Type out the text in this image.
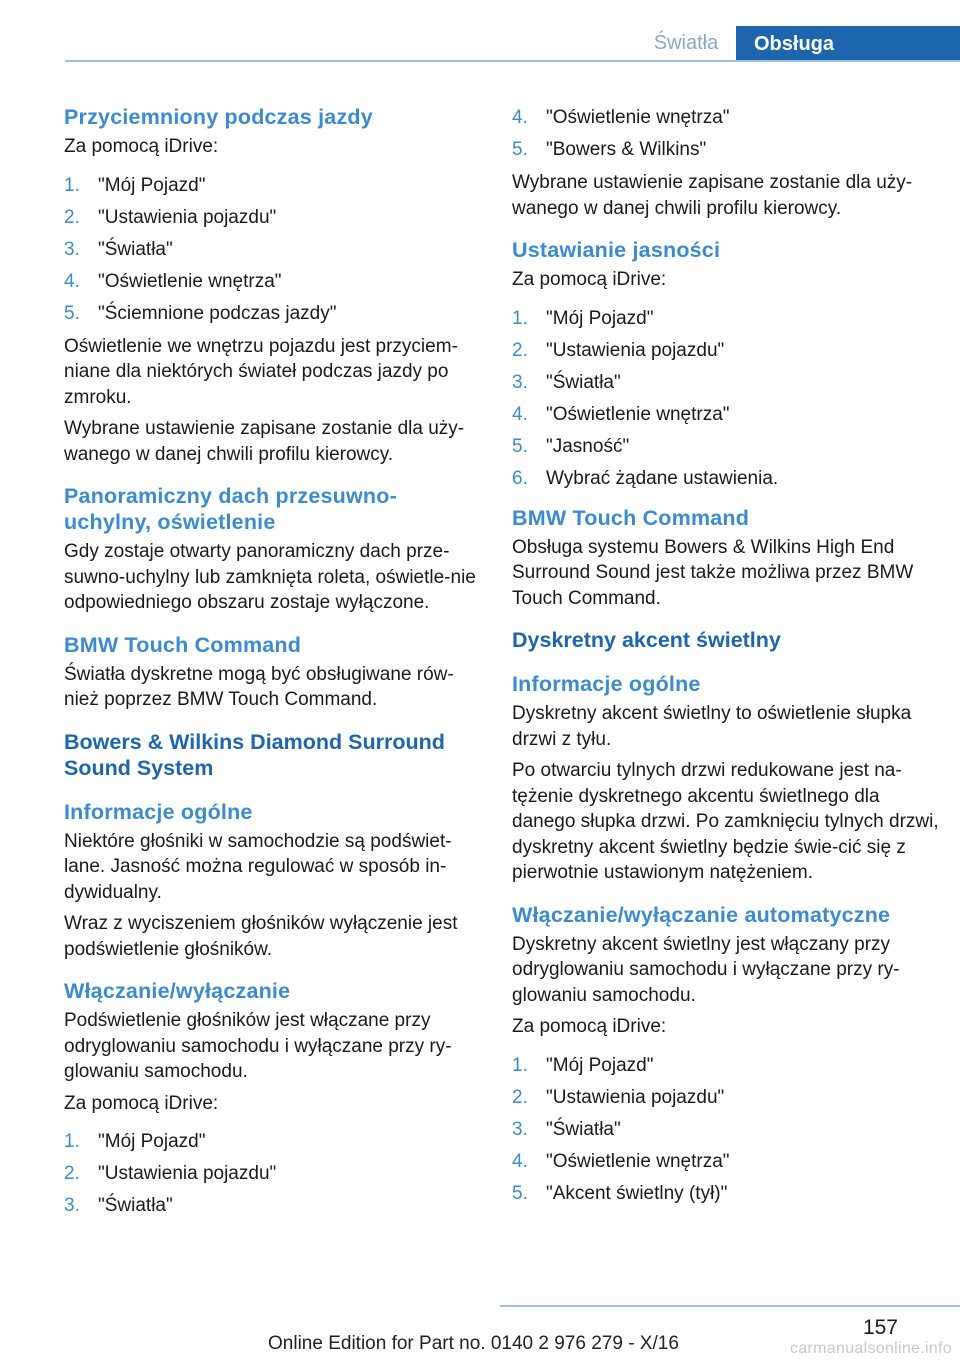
Światła	Obsługa
Przyciemniony podczas jazdy
Za pomocą iDrive:
1. "Mój Pojazd"
2. "Ustawienia pojazdu"
3. "Światła"
4. "Oświetlenie wnętrza"
5. "Ściemnione podczas jazdy"
Oświetlenie we wnętrzu pojazdu jest przyciem‐niane dla niektórych świateł podczas jazdy po zmroku.
Wybrane ustawienie zapisane zostanie dla uży‐wanego w danej chwili profilu kierowcy.
Panoramiczny dach przesuwno-uchylny, oświetlenie
Gdy zostaje otwarty panoramiczny dach prze‐suwno-uchylny lub zamknięta roleta, oświetle‐nie odpowiedniego obszaru zostaje wyłączone.
BMW Touch Command
Światła dyskretne mogą być obsługiwane rów‐nież poprzez BMW Touch Command.
Bowers & Wilkins Diamond Surround Sound System
Informacje ogólne
Niektóre głośniki w samochodzie są podświet‐lane. Jasność można regulować w sposób in‐dywidualny.
Wraz z wyciszeniem głośników wyłączenie jest podświetlenie głośników.
Włączanie/wyłączanie
Podświetlenie głośników jest włączane przy odryglowaniu samochodu i wyłączane przy ry‐glowaniu samochodu.
Za pomocą iDrive:
1. "Mój Pojazd"
2. "Ustawienia pojazdu"
3. "Światła"
4. "Oświetlenie wnętrza"
5. "Bowers & Wilkins"
Wybrane ustawienie zapisane zostanie dla uży‐wanego w danej chwili profilu kierowcy.
Ustawianie jasności
Za pomocą iDrive:
1. "Mój Pojazd"
2. "Ustawienia pojazdu"
3. "Światła"
4. "Oświetlenie wnętrza"
5. "Jasność"
6. Wybrać żądane ustawienia.
BMW Touch Command
Obsługa systemu Bowers & Wilkins High End Surround Sound jest także możliwa przez BMW Touch Command.
Dyskretny akcent świetlny
Informacje ogólne
Dyskretny akcent świetlny to oświetlenie słupka drzwi z tyłu.
Po otwarciu tylnych drzwi redukowane jest na‐tężenie dyskretnego akcentu świetlnego dla danego słupka drzwi. Po zamknięciu tylnych drzwi, dyskretny akcent świetlny będzie świe‐cić się z pierwotnie ustawionym natężeniem.
Włączanie/wyłączanie automatyczne
Dyskretny akcent świetlny jest włączany przy odryglowaniu samochodu i wyłączane przy ry‐glowaniu samochodu.
Za pomocą iDrive:
1. "Mój Pojazd"
2. "Ustawienia pojazdu"
3. "Światła"
4. "Oświetlenie wnętrza"
5. "Akcent świetlny (tył)"
157
Online Edition for Part no. 0140 2 976 279 - X/16	carmanualsonline.info
